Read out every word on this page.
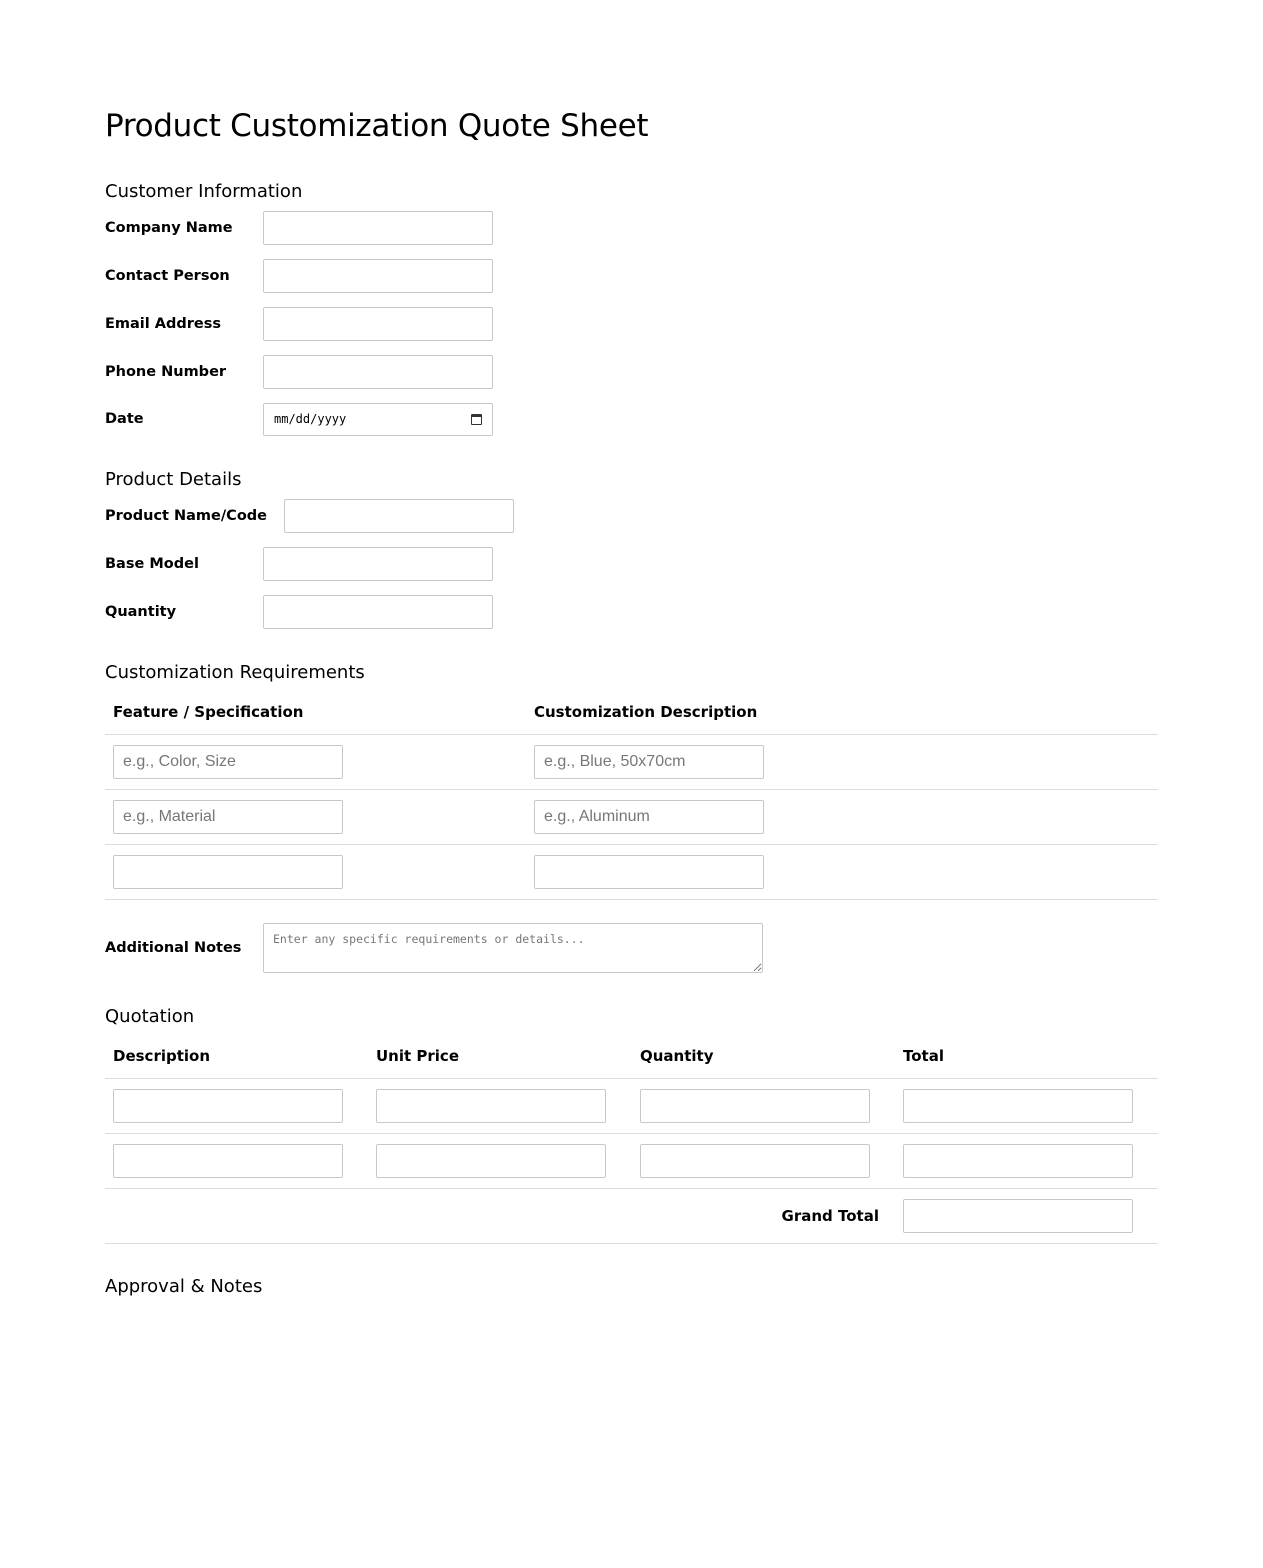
Product Customization Quote Sheet
Customer Information
Company Name
Contact Person
Email Address
Phone Number
Date	mm/dd/yyyy
Product Details
Product Name/Code
Base Model
Quantity
Customization Requirements
Feature / Specification	Customization Description
e.g., Color, Size	e.g., Blue, 50x70cm
e.g., Material	e.g., Aluminum

Additional Notes
Enter any specific requirements or details...
Quotation
Description	Unit Price	Quantity	Total

Grand Total	
Approval & Notes
